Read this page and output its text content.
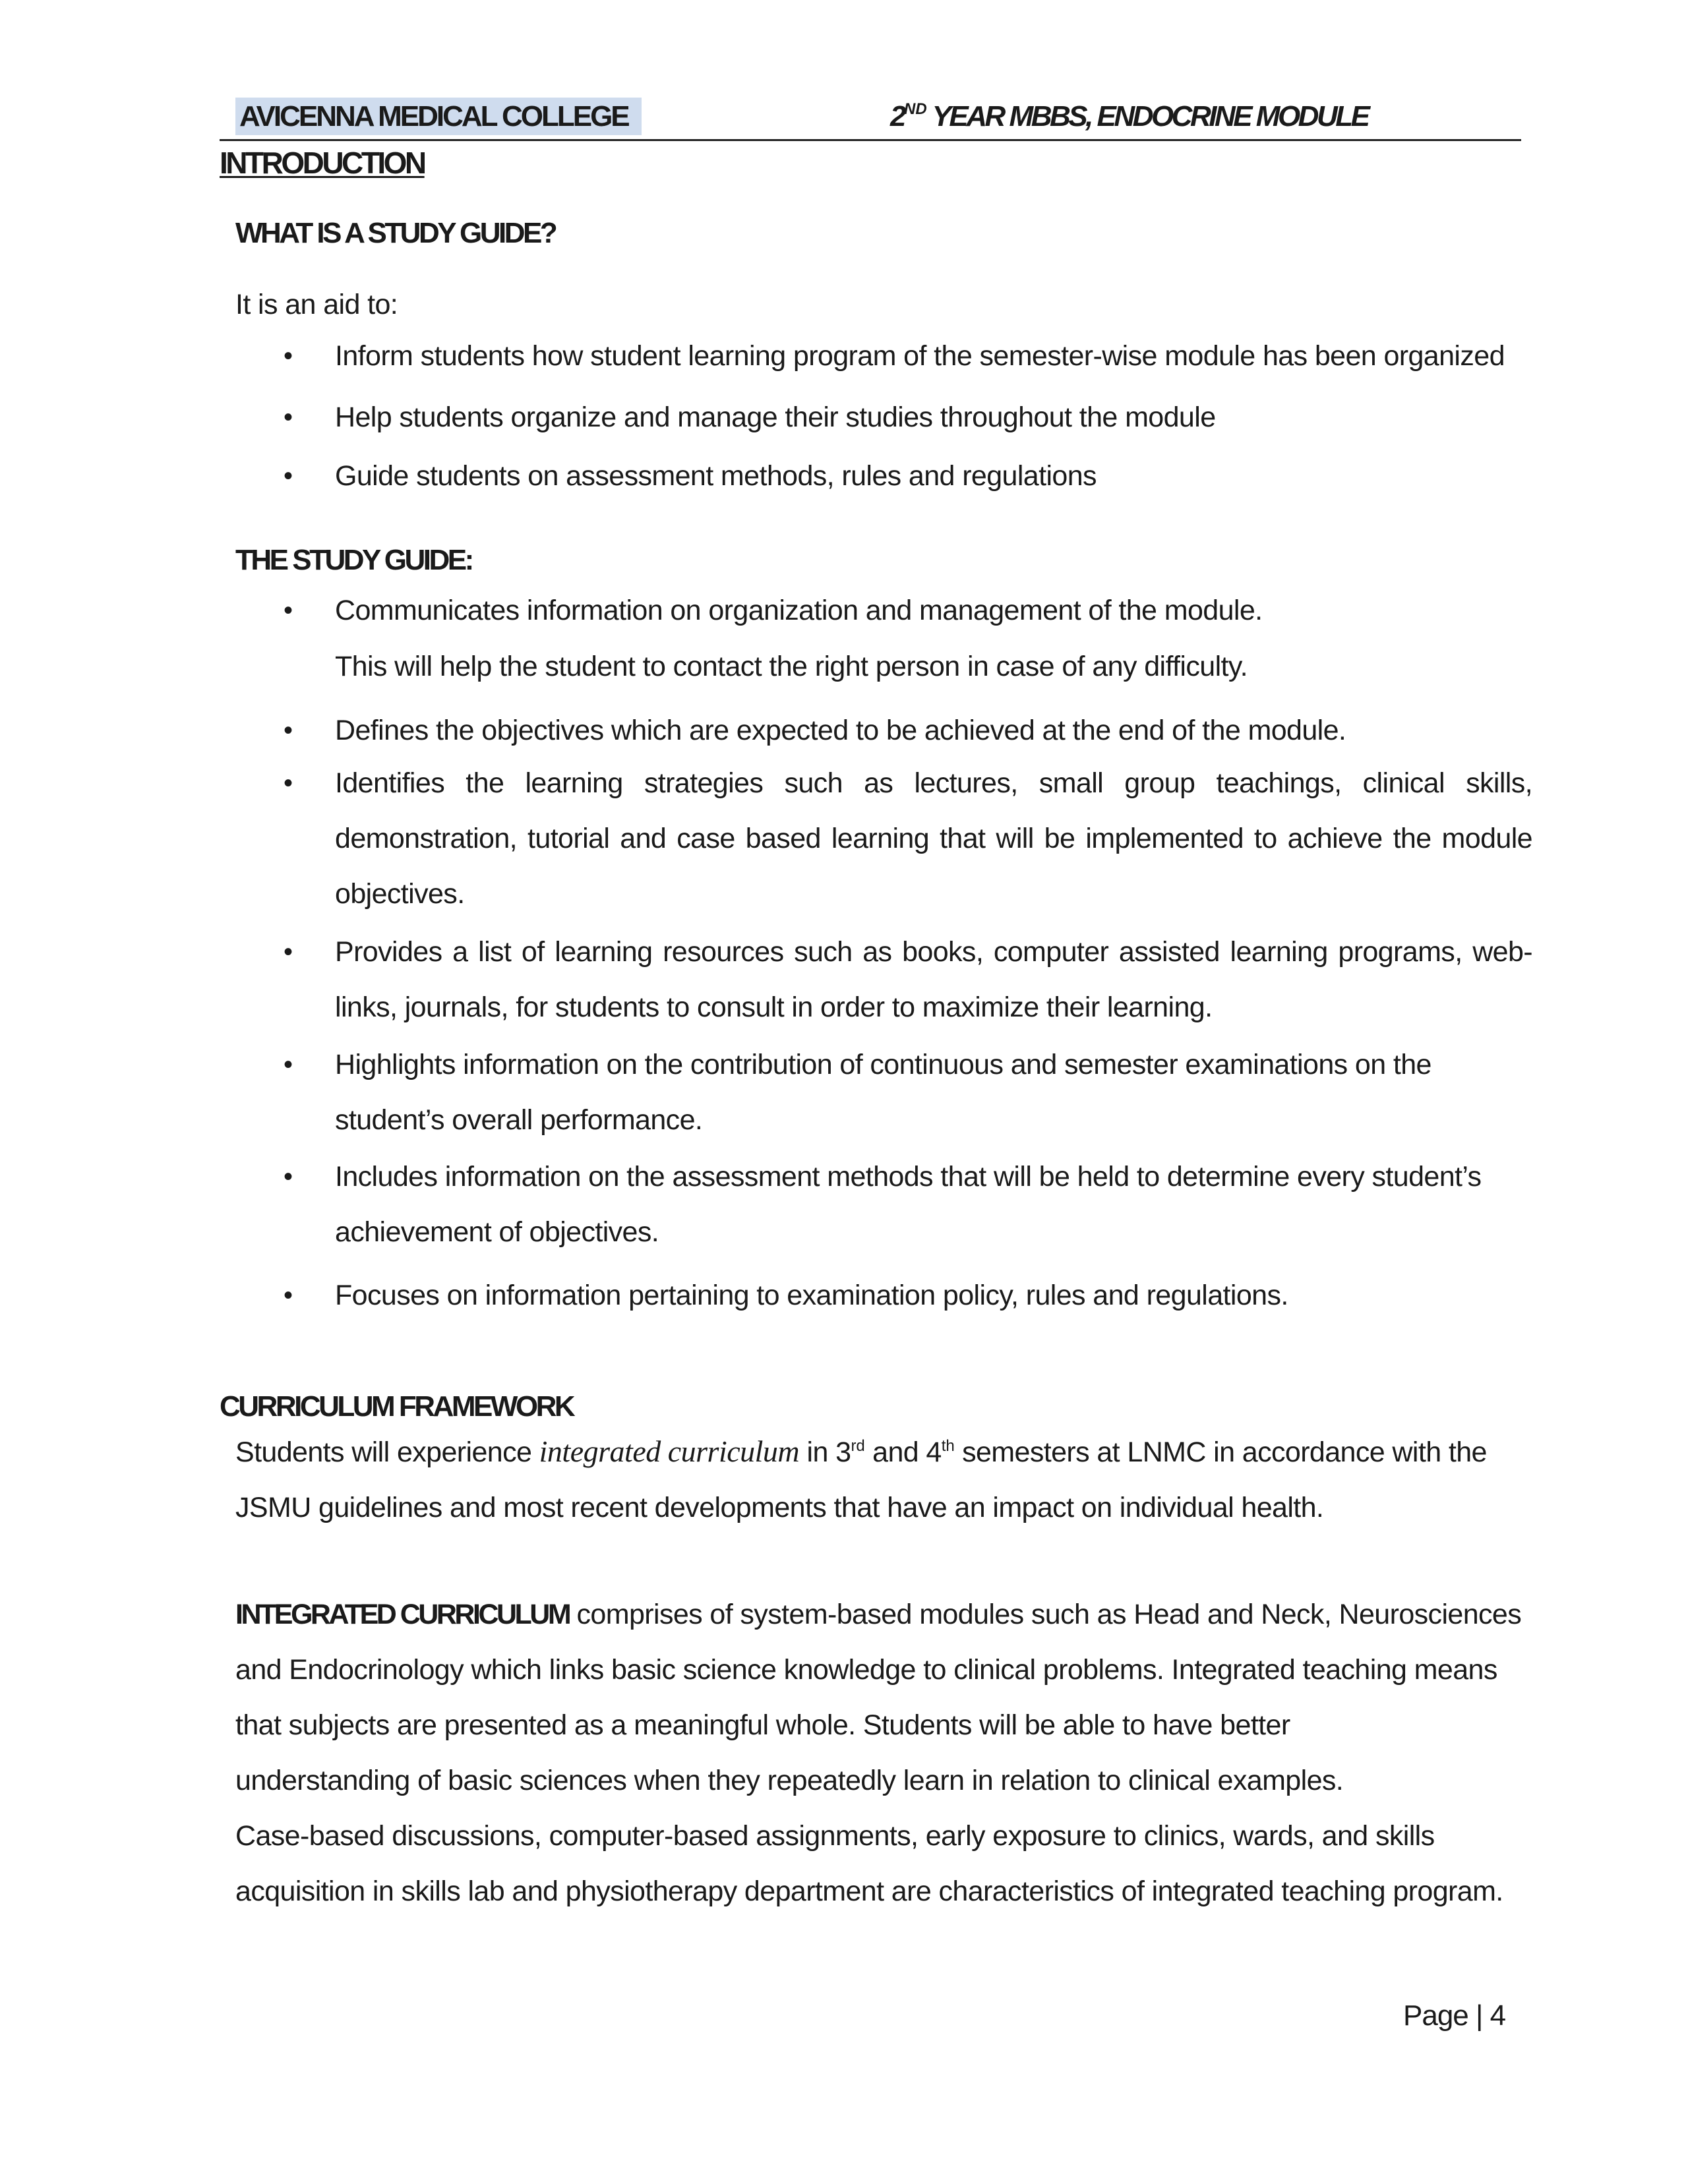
AVICENNA MEDICAL COLLEGE	2ND YEAR MBBS, ENDOCRINE MODULE
INTRODUCTION
WHAT IS A STUDY GUIDE?
It is an aid to:
• Inform students how student learning program of the semester-wise module has been organized
• Help students organize and manage their studies throughout the module
• Guide students on assessment methods, rules and regulations
THE STUDY GUIDE:
• Communicates information on organization and management of the module.
This will help the student to contact the right person in case of any difficulty.
• Defines the objectives which are expected to be achieved at the end of the module.
• Identifies the learning strategies such as lectures, small group teachings, clinical skills,

demonstration, tutorial and case based learning that will be implemented to achieve the module

objectives.

• Provides a list of learning resources such as books, computer assisted learning programs, web-

links, journals, for students to consult in order to maximize their learning.

• Highlights information on the contribution of continuous and semester examinations on the

student’s overall performance.

• Includes information on the assessment methods that will be held to determine every student’s

achievement of objectives.

• Focuses on information pertaining to examination policy, rules and regulations.
CURRICULUM FRAMEWORK

Students will experience integrated curriculum in 3rd and 4th semesters at LNMC in accordance with the

JSMU guidelines and most recent developments that have an impact on individual health.

INTEGRATED CURRICULUM comprises of system-based modules such as Head and Neck, Neurosciences

and Endocrinology which links basic science knowledge to clinical problems. Integrated teaching means

that subjects are presented as a meaningful whole. Students will be able to have better

understanding of basic sciences when they repeatedly learn in relation to clinical examples.

Case-based discussions, computer-based assignments, early exposure to clinics, wards, and skills

acquisition in skills lab and physiotherapy department are characteristics of integrated teaching program.

Page | 4
